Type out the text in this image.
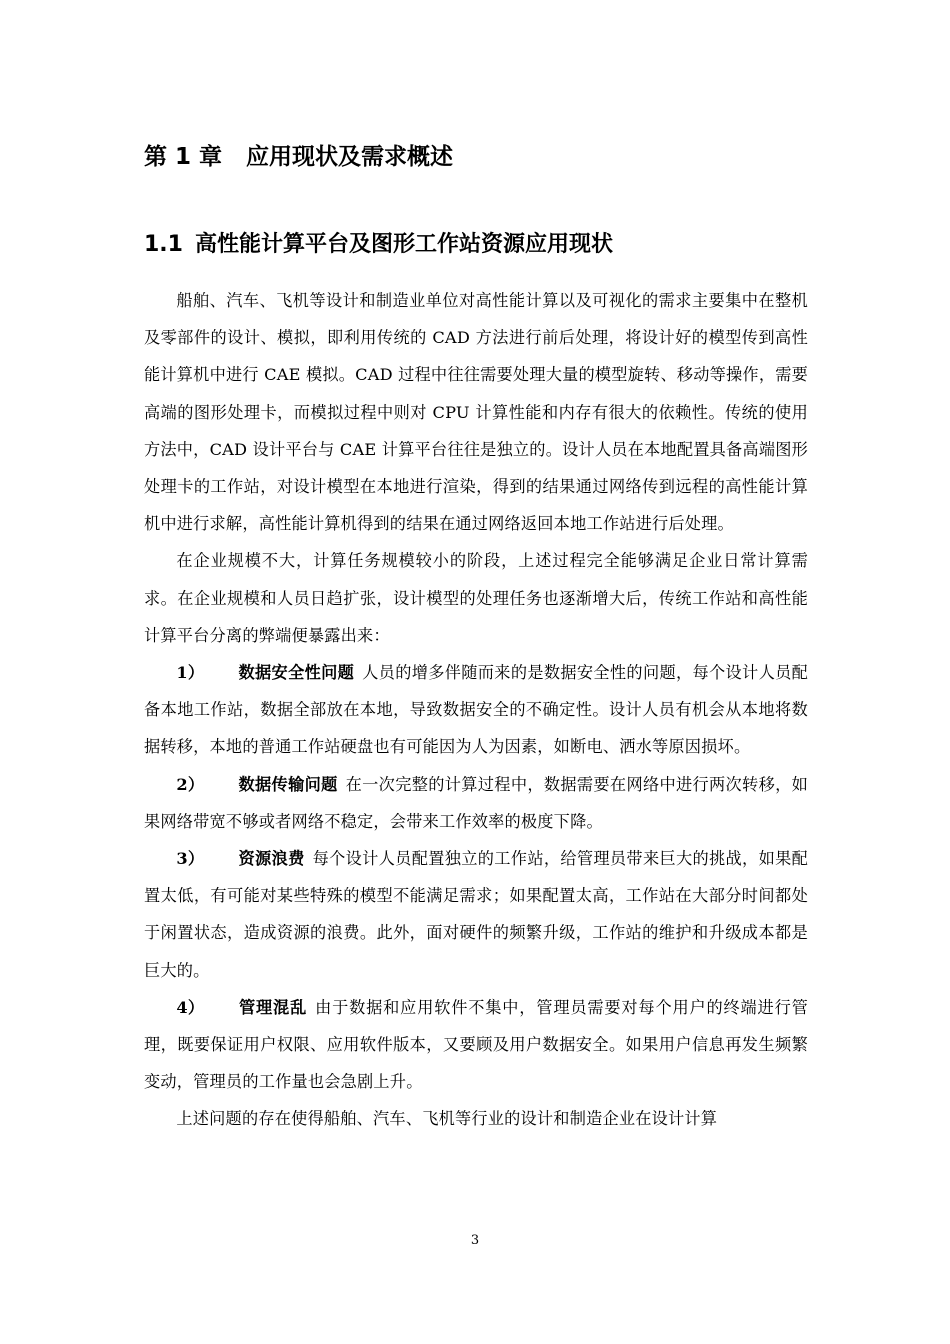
第 1 章 应用现状及需求概述
1.1 高性能计算平台及图形工作站资源应用现状

船舶、汽车、飞机等设计和制造业单位对高性能计算以及可视化的需求主要集中在整机及零部件的设计、模拟，即利用传统的 CAD 方法进行前后处理，将设计好的模型传到高性能计算机中进行 CAE 模拟。CAD 过程中往往需要处理大量的模型旋转、移动等操作，需要高端的图形处理卡，而模拟过程中则对 CPU 计算性能和内存有很大的依赖性。传统的使用方法中，CAD 设计平台与 CAE 计算平台往往是独立的。设计人员在本地配置具备高端图形处理卡的工作站，对设计模型在本地进行渲染，得到的结果通过网络传到远程的高性能计算机中进行求解，高性能计算机得到的结果在通过网络返回本地工作站进行后处理。

在企业规模不大，计算任务规模较小的阶段，上述过程完全能够满足企业日常计算需求。在企业规模和人员日趋扩张，设计模型的处理任务也逐渐增大后，传统工作站和高性能计算平台分离的弊端便暴露出来：

1） 数据安全性问题 人员的增多伴随而来的是数据安全性的问题，每个设计人员配备本地工作站，数据全部放在本地，导致数据安全的不确定性。设计人员有机会从本地将数据转移，本地的普通工作站硬盘也有可能因为人为因素，如断电、洒水等原因损坏。

2） 数据传输问题 在一次完整的计算过程中，数据需要在网络中进行两次转移，如果网络带宽不够或者网络不稳定，会带来工作效率的极度下降。

3） 资源浪费 每个设计人员配置独立的工作站，给管理员带来巨大的挑战，如果配置太低，有可能对某些特殊的模型不能满足需求；如果配置太高，工作站在大部分时间都处于闲置状态，造成资源的浪费。此外，面对硬件的频繁升级，工作站的维护和升级成本都是巨大的。

4） 管理混乱 由于数据和应用软件不集中，管理员需要对每个用户的终端进行管理，既要保证用户权限、应用软件版本，又要顾及用户数据安全。如果用户信息再发生频繁变动，管理员的工作量也会急剧上升。

上述问题的存在使得船舶、汽车、飞机等行业的设计和制造企业在设计计算

3
